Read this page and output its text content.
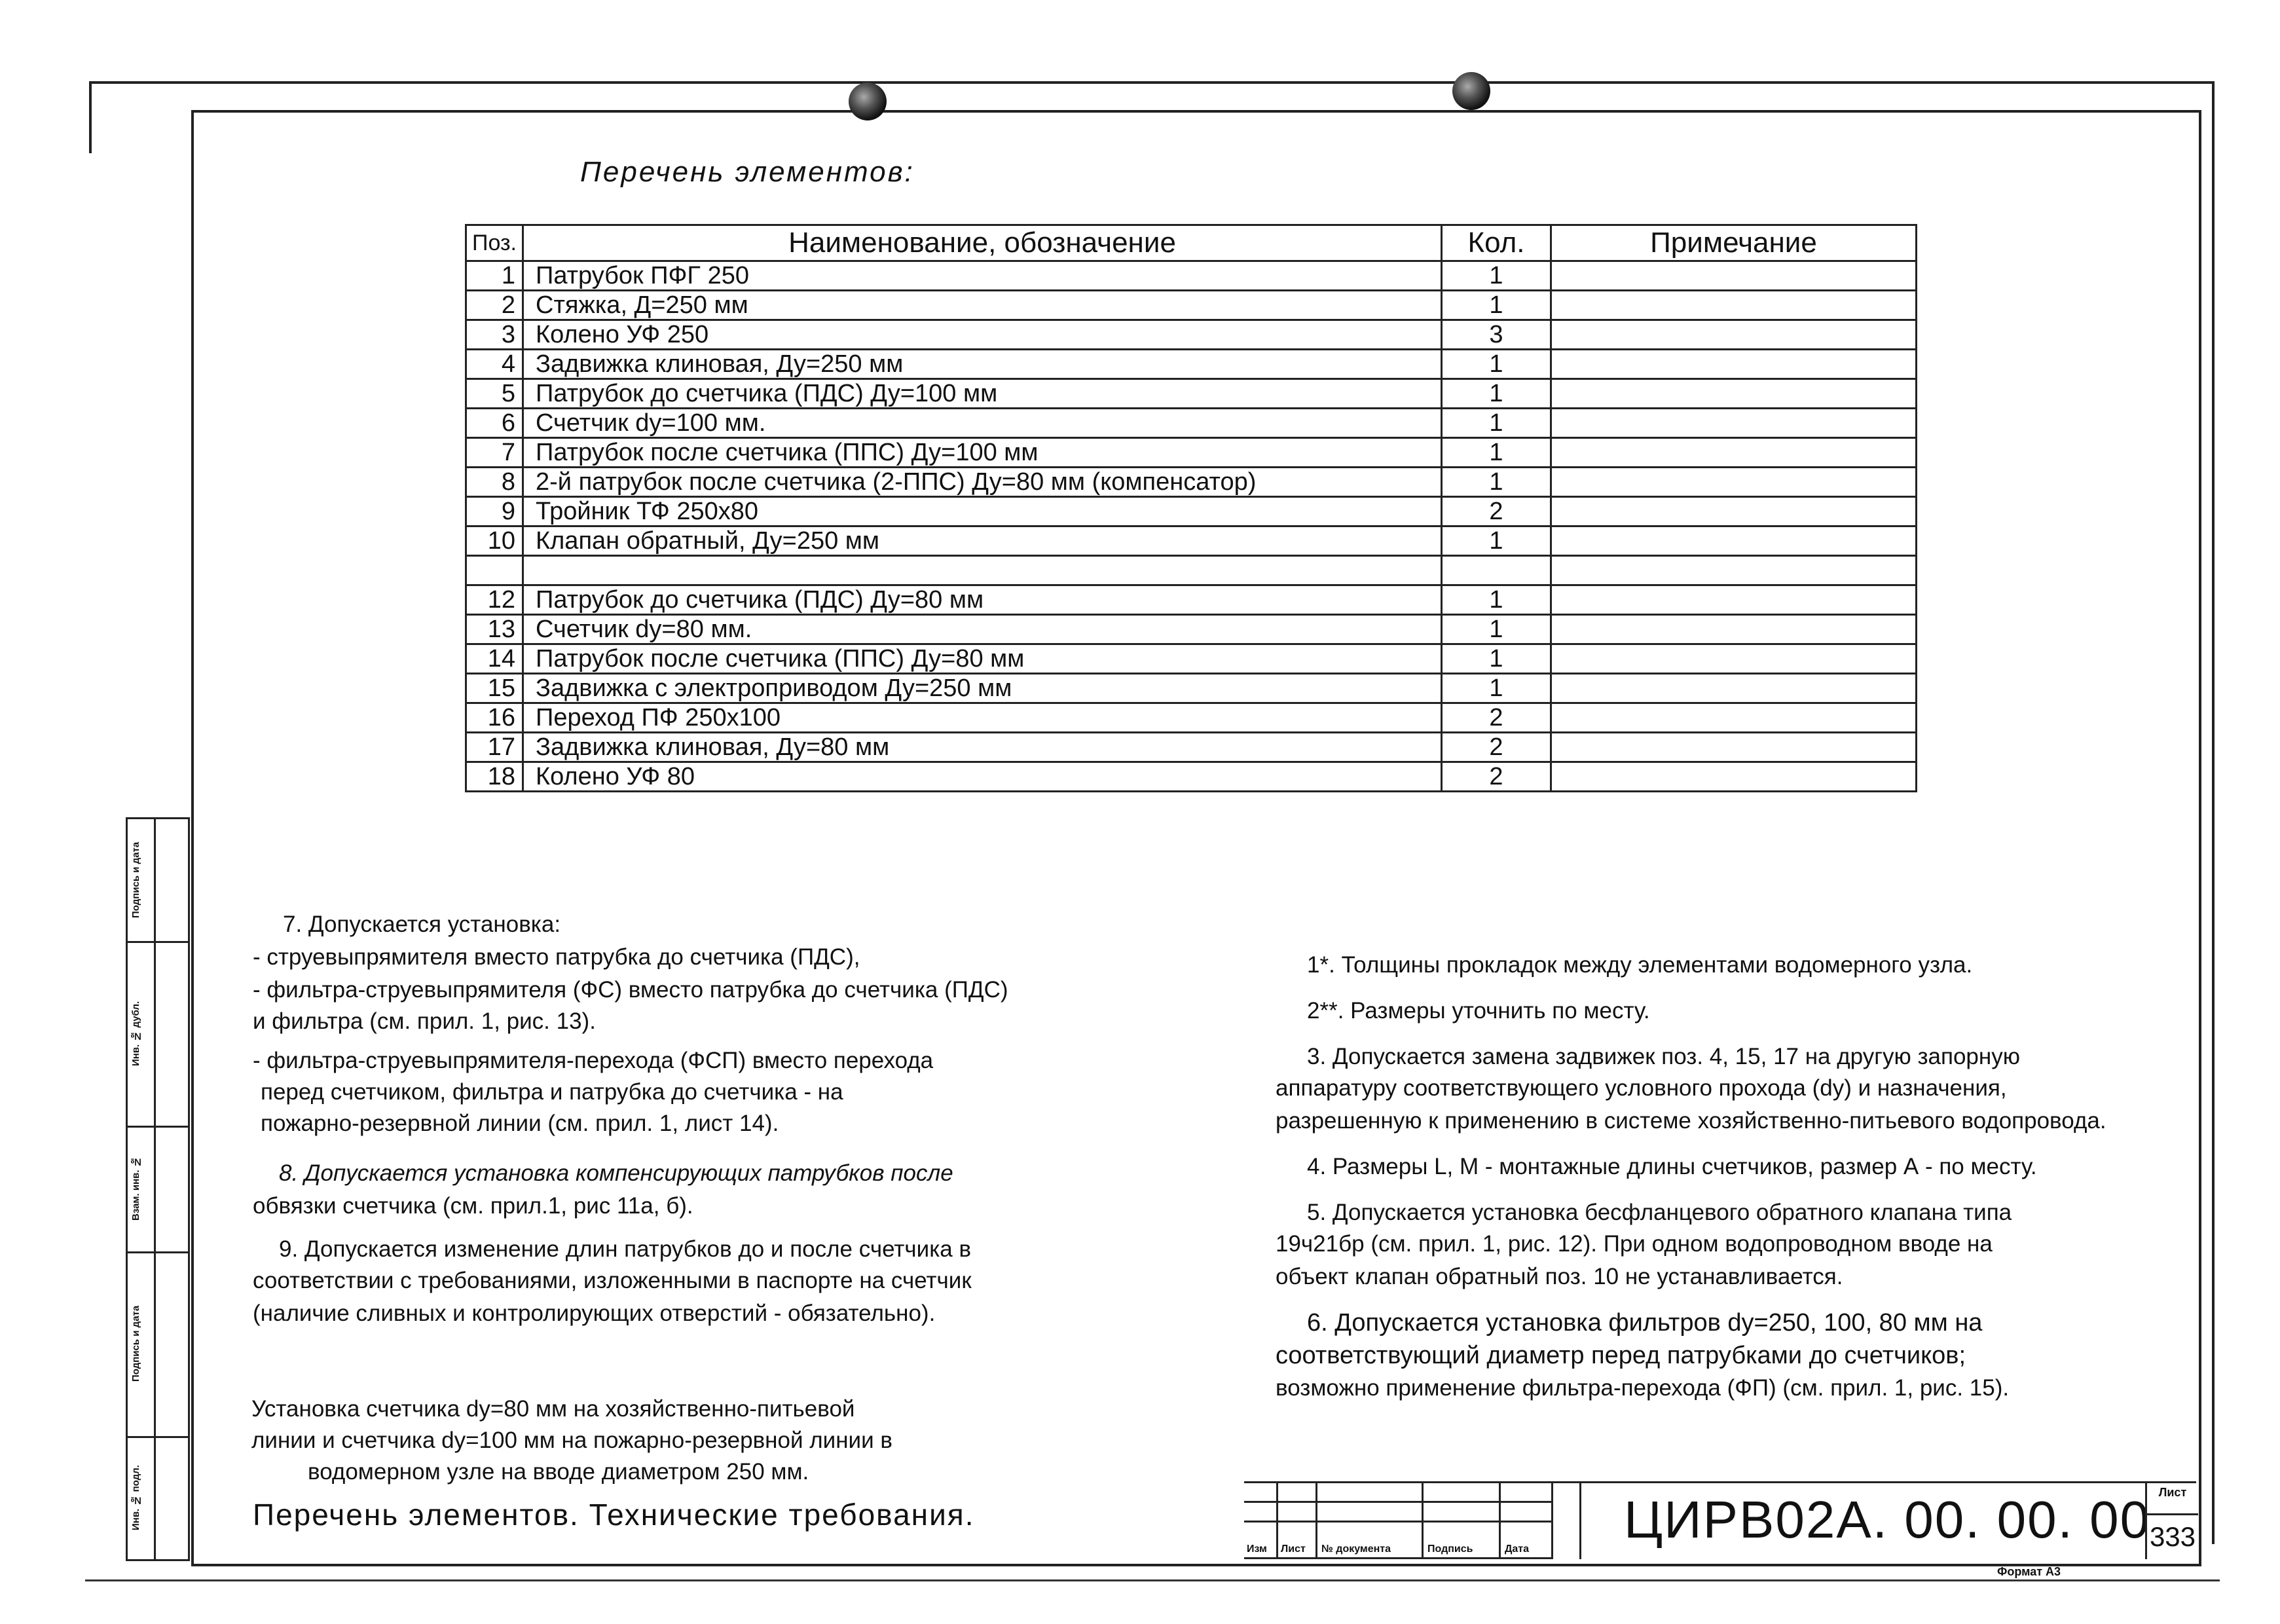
Перечень элементов:
Поз.	Наименование, обозначение	Кол.	Примечание
1	Патрубок ПФГ 250	1	
2	Стяжка, Д=250 мм	1	
3	Колено УФ 250	3	
4	Задвижка клиновая, Ду=250 мм	1	
5	Патрубок до счетчика (ПДС) Ду=100 мм	1	
6	Счетчик dy=100 мм.	1	
7	Патрубок после счетчика (ППС) Ду=100 мм	1	
8	2-й патрубок после счетчика (2-ППС) Ду=80 мм (компенсатор)	1	
9	Тройник ТФ 250х80	2	
10	Клапан обратный, Ду=250 мм	1	

12	Патрубок до счетчика (ПДС) Ду=80 мм	1	
13	Счетчик dy=80 мм.	1	
14	Патрубок после счетчика (ППС) Ду=80 мм	1	
15	Задвижка с электроприводом Ду=250 мм	1	
16	Переход ПФ 250х100	2	
17	Задвижка клиновая, Ду=80 мм	2	
18	Колено УФ 80	2	
7. Допускается установка:
- струевыпрямителя вместо патрубка до счетчика (ПДС),
- фильтра-струевыпрямителя (ФС) вместо патрубка до счетчика (ПДС)
и фильтра (см. прил. 1, рис. 13).
- фильтра-струевыпрямителя-перехода (ФСП) вместо перехода
перед счетчиком, фильтра и патрубка до счетчика - на
пожарно-резервной линии (см. прил. 1, лист 14).
8. Допускается установка компенсирующих патрубков после
обвязки счетчика (см. прил.1, рис 11а, б).
9. Допускается изменение длин патрубков до и после счетчика в
соответствии с требованиями, изложенными в паспорте на счетчик
(наличие сливных и контролирующих отверстий - обязательно).
Установка счетчика dy=80 мм на хозяйственно-питьевой
линии и счетчика dy=100 мм на пожарно-резервной линии в
водомерном узле на вводе диаметром 250 мм.
1*. Толщины прокладок между элементами водомерного узла.
2**. Размеры уточнить по месту.
3. Допускается замена задвижек поз. 4, 15, 17 на другую запорную
аппаратуру соответствующего условного прохода (dy) и назначения,
разрешенную к применению в системе хозяйственно-питьевого водопровода.
4. Размеры L, M - монтажные длины счетчиков, размер А - по месту.
5. Допускается установка бесфланцевого обратного клапана типа
19ч21бр (см. прил. 1, рис. 12). При одном водопроводном вводе на
объект клапан обратный поз. 10 не устанавливается.
6. Допускается установка фильтров dy=250, 100, 80 мм на
соответствующий диаметр перед патрубками до счетчиков;
возможно применение фильтра-перехода (ФП) (см. прил. 1, рис. 15).
Перечень элементов. Технические требования.
Подпись и дата
Инв. № дубл.
Взам. инв. №
Подпись и дата
Инв. № подл.
Изм Лист № документа	Подпись	Дата
ЦИРВ02А. 00. 00. 00 Лист
333
Формат А3
